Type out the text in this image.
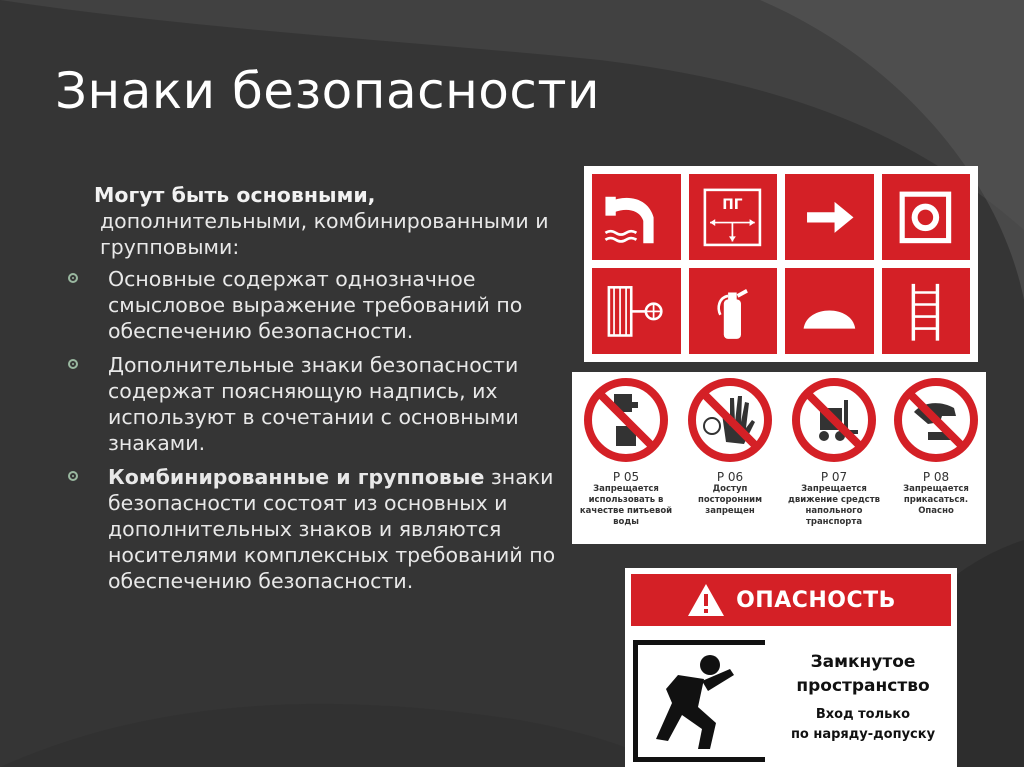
Знаки безопасности
Могут быть основными,
дополнительными, комбинированными и групповыми:
Основные содержат однозначное смысловое выражение требований по обеспечению безопасности.
Дополнительные знаки безопасности содержат поясняющую надпись, их используют в сочетании с основными знаками.
Комбинированные и групповые знаки безопасности состоят из основных и дополнительных знаков и являются носителями комплексных требований по обеспечению безопасности.
ПГ
Р 05
Запрещается использовать в качестве питьевой воды
Р 06
Доступ посторонним запрещен
Р 07
Запрещается движение средств напольного транспорта
Р 08
Запрещается прикасаться. Опасно
ОПАСНОСТЬ
Замкнутое
пространство
Вход только
по наряду-допуску
